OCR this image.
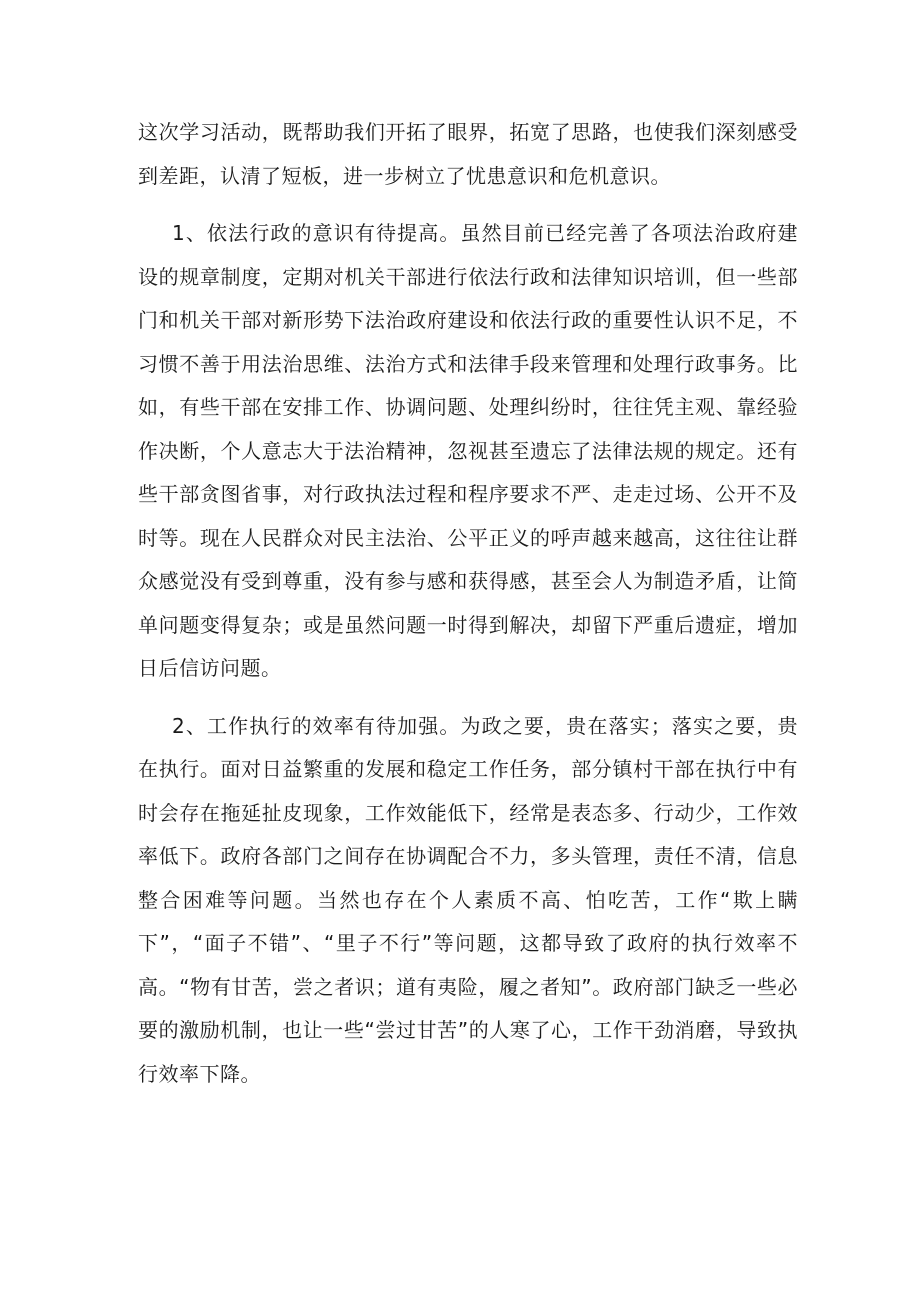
这次学习活动，既帮助我们开拓了眼界，拓宽了思路，也使我们深刻感受到差距，认清了短板，进一步树立了忧患意识和危机意识。

1、依法行政的意识有待提高。虽然目前已经完善了各项法治政府建设的规章制度，定期对机关干部进行依法行政和法律知识培训，但一些部门和机关干部对新形势下法治政府建设和依法行政的重要性认识不足，不习惯不善于用法治思维、法治方式和法律手段来管理和处理行政事务。比如，有些干部在安排工作、协调问题、处理纠纷时，往往凭主观、靠经验作决断，个人意志大于法治精神，忽视甚至遗忘了法律法规的规定。还有些干部贪图省事，对行政执法过程和程序要求不严、走走过场、公开不及时等。现在人民群众对民主法治、公平正义的呼声越来越高，这往往让群众感觉没有受到尊重，没有参与感和获得感，甚至会人为制造矛盾，让简单问题变得复杂；或是虽然问题一时得到解决，却留下严重后遗症，增加日后信访问题。

2、工作执行的效率有待加强。为政之要，贵在落实；落实之要，贵在执行。面对日益繁重的发展和稳定工作任务，部分镇村干部在执行中有时会存在拖延扯皮现象，工作效能低下，经常是表态多、行动少，工作效率低下。政府各部门之间存在协调配合不力，多头管理，责任不清，信息整合困难等问题。当然也存在个人素质不高、怕吃苦，工作“欺上瞒下”，“面子不错”、“里子不行”等问题，这都导致了政府的执行效率不高。“物有甘苦，尝之者识；道有夷险，履之者知”。政府部门缺乏一些必要的激励机制，也让一些“尝过甘苦”的人寒了心，工作干劲消磨，导致执行效率下降。
